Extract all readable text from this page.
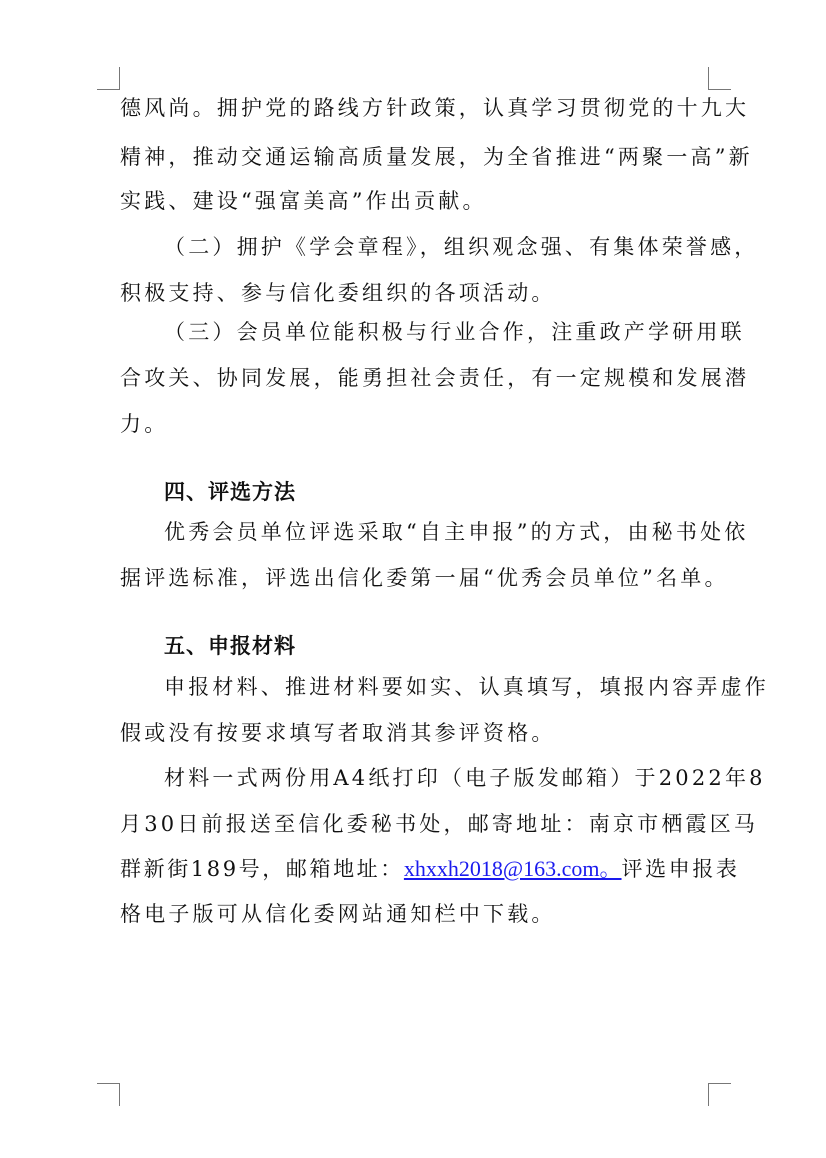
德风尚。拥护党的路线方针政策，认真学习贯彻党的十九大
精神，推动交通运输高质量发展，为全省推进“两聚一高”新
实践、建设“强富美高”作出贡献。
（二）拥护《学会章程》，组织观念强、有集体荣誉感，
积极支持、参与信化委组织的各项活动。
（三）会员单位能积极与行业合作，注重政产学研用联
合攻关、协同发展，能勇担社会责任，有一定规模和发展潜
力。
四、评选方法
优秀会员单位评选采取“自主申报”的方式，由秘书处依
据评选标准，评选出信化委第一届“优秀会员单位”名单。
五、申报材料
申报材料、推进材料要如实、认真填写，填报内容弄虚作
假或没有按要求填写者取消其参评资格。
材料一式两份用A4纸打印（电子版发邮箱）于2022年8
月30日前报送至信化委秘书处，邮寄地址：南京市栖霞区马
群新街189号，邮箱地址： xhxxh2018@163.com。 评选申报表
格电子版可从信化委网站通知栏中下载。
